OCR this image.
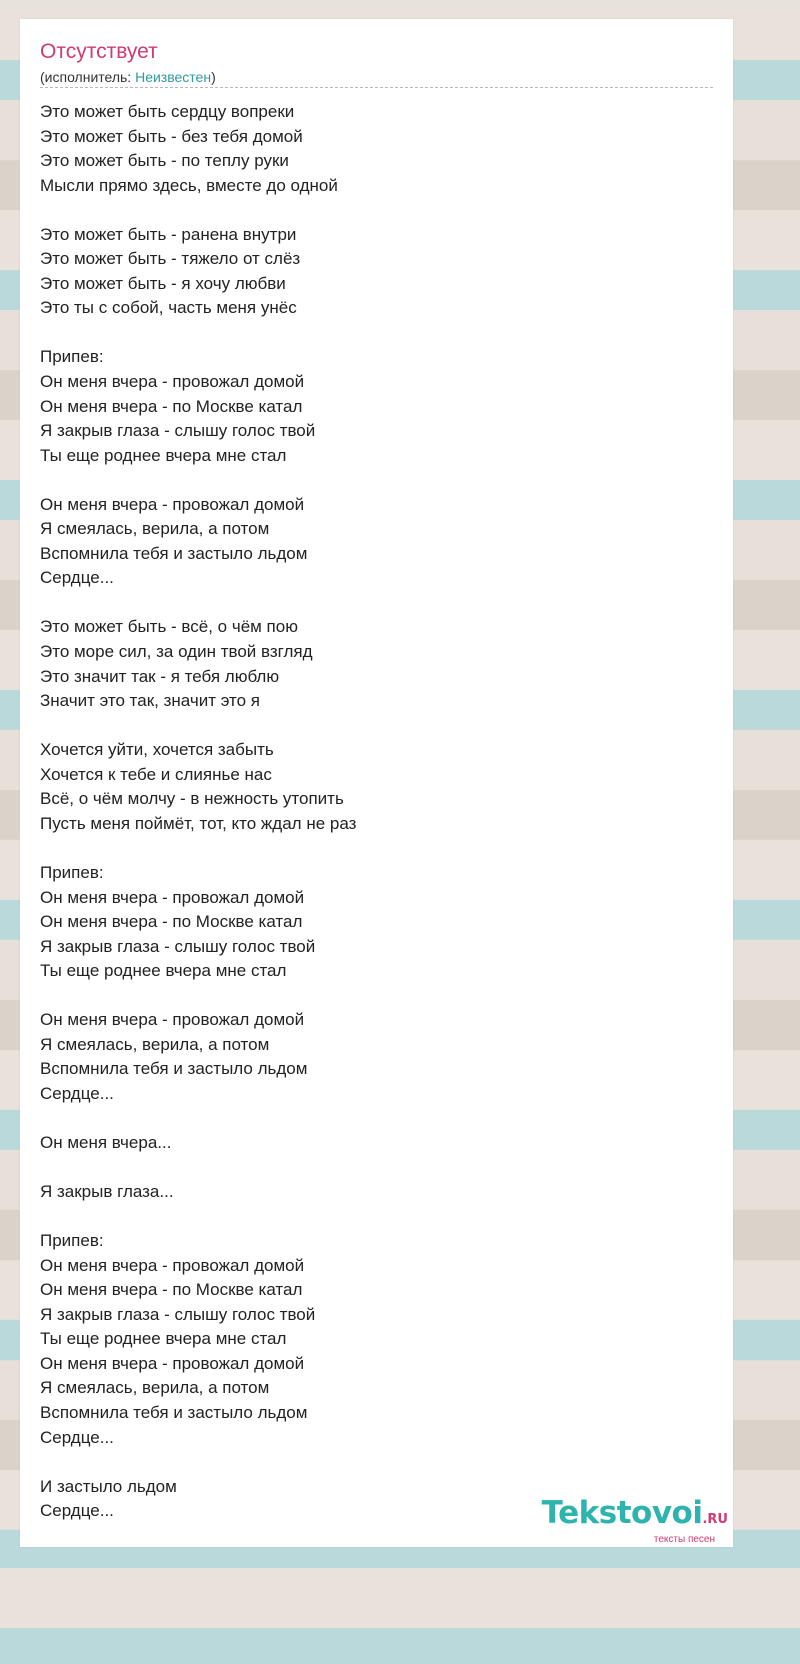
Отсутствует
(исполнитель: Неизвестен)
Это может быть сердцу вопреки
Это может быть - без тебя домой
Это может быть - по теплу руки
Мысли прямо здесь, вместе до одной
Это может быть - ранена внутри
Это может быть - тяжело от слёз
Это может быть - я хочу любви
Это ты с собой, часть меня унёс
Припев:
Он меня вчера - провожал домой
Он меня вчера - по Москве катал
Я закрыв глаза - слышу голос твой
Ты еще роднее вчера мне стал
Он меня вчера - провожал домой
Я смеялась, верила, а потом
Вспомнила тебя и застыло льдом
Сердце...
Это может быть - всё, о чём пою
Это море сил, за один твой взгляд
Это значит так - я тебя люблю
Значит это так, значит это я
Хочется уйти, хочется забыть
Хочется к тебе и слиянье нас
Всё, о чём молчу - в нежность утопить
Пусть меня поймёт, тот, кто ждал не раз
Припев:
Он меня вчера - провожал домой
Он меня вчера - по Москве катал
Я закрыв глаза - слышу голос твой
Ты еще роднее вчера мне стал
Он меня вчера - провожал домой
Я смеялась, верила, а потом
Вспомнила тебя и застыло льдом
Сердце...
Он меня вчера...
Я закрыв глаза...
Припев:
Он меня вчера - провожал домой
Он меня вчера - по Москве катал
Я закрыв глаза - слышу голос твой
Ты еще роднее вчера мне стал
Он меня вчера - провожал домой
Я смеялась, верила, а потом
Вспомнила тебя и застыло льдом
Сердце...
И застыло льдом
Сердце...	Tekstovoi.RU
тексты песен
